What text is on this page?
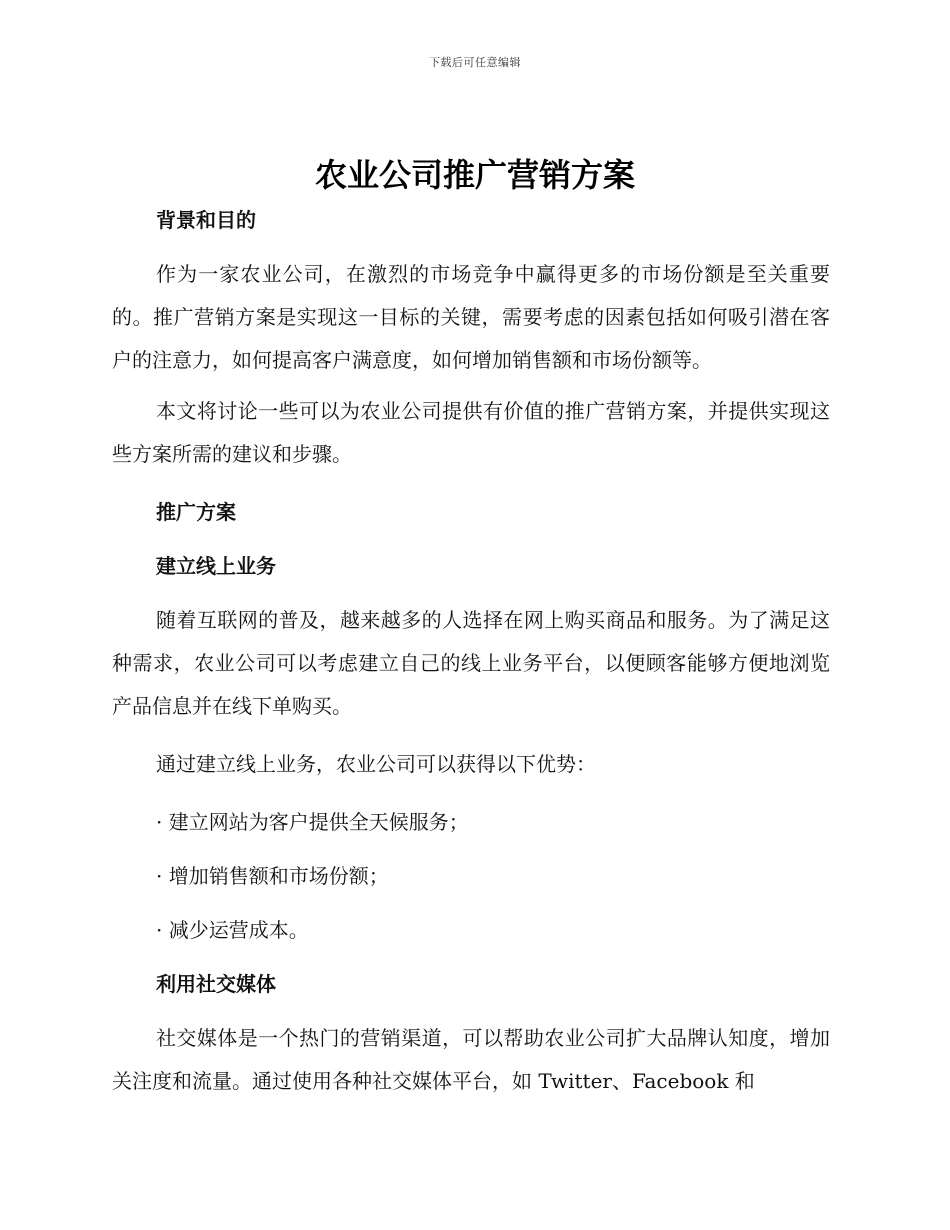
下载后可任意编辑
农业公司推广营销方案
背景和目的

作为一家农业公司，在激烈的市场竞争中赢得更多的市场份额是至关重要的。推广营销方案是实现这一目标的关键，需要考虑的因素包括如何吸引潜在客户的注意力，如何提高客户满意度，如何增加销售额和市场份额等。

本文将讨论一些可以为农业公司提供有价值的推广营销方案，并提供实现这些方案所需的建议和步骤。

推广方案
建立线上业务

随着互联网的普及，越来越多的人选择在网上购买商品和服务。为了满足这种需求，农业公司可以考虑建立自己的线上业务平台，以便顾客能够方便地浏览产品信息并在线下单购买。

通过建立线上业务，农业公司可以获得以下优势：

· 建立网站为客户提供全天候服务；
· 增加销售额和市场份额；
· 减少运营成本。
利用社交媒体

社交媒体是一个热门的营销渠道，可以帮助农业公司扩大品牌认知度，增加关注度和流量。通过使用各种社交媒体平台，如 Twitter、Facebook 和
